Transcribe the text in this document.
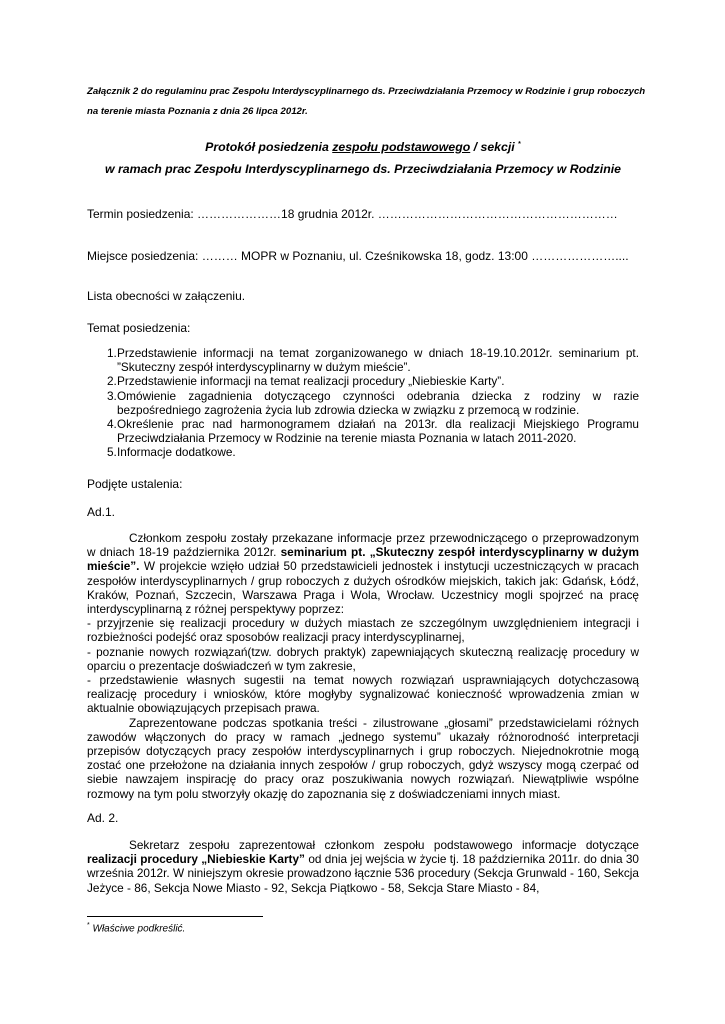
Załącznik 2 do regulaminu prac Zespołu Interdyscyplinarnego ds. Przeciwdziałania Przemocy w Rodzinie i grup roboczych na terenie miasta Poznania z dnia 26 lipca 2012r.
Protokół posiedzenia zespołu podstawowego / sekcji *
w ramach prac Zespołu Interdyscyplinarnego ds. Przeciwdziałania Przemocy w Rodzinie
Termin posiedzenia: …………………18 grudnia 2012r. ……………………………………………………
Miejsce posiedzenia: ……… MOPR w Poznaniu, ul. Cześnikowska 18, godz. 13:00 …………………....
Lista obecności w załączeniu.
Temat posiedzenia:
1. Przedstawienie informacji na temat zorganizowanego w dniach 18-19.10.2012r. seminarium pt. ”Skuteczny zespół interdyscyplinarny w dużym mieście”.
2. Przedstawienie informacji na temat realizacji procedury „Niebieskie Karty”.
3. Omówienie zagadnienia dotyczącego czynności odebrania dziecka z rodziny w razie bezpośredniego zagrożenia życia lub zdrowia dziecka w związku z przemocą w rodzinie.
4. Określenie prac nad harmonogramem działań na 2013r. dla realizacji Miejskiego Programu Przeciwdziałania Przemocy w Rodzinie na terenie miasta Poznania w latach 2011-2020.
5. Informacje dodatkowe.
Podjęte ustalenia:
Ad.1.

Członkom zespołu zostały przekazane informacje przez przewodniczącego o przeprowadzonym w dniach 18-19 października 2012r. seminarium pt. „Skuteczny zespół interdyscyplinarny w dużym mieście”. W projekcie wzięło udział 50 przedstawicieli jednostek i instytucji uczestniczących w pracach zespołów interdyscyplinarnych / grup roboczych z dużych ośrodków miejskich, takich jak: Gdańsk, Łódź, Kraków, Poznań, Szczecin, Warszawa Praga i Wola, Wrocław. Uczestnicy mogli spojrzeć na pracę interdyscyplinarną z różnej perspektywy poprzez:

- przyjrzenie się realizacji procedury w dużych miastach ze szczególnym uwzględnieniem integracji i rozbieżności podejść oraz sposobów realizacji pracy interdyscyplinarnej,

- poznanie nowych rozwiązań(tzw. dobrych praktyk) zapewniających skuteczną realizację procedury w oparciu o prezentacje doświadczeń w tym zakresie,

- przedstawienie własnych sugestii na temat nowych rozwiązań usprawniających dotychczasową realizację procedury i wniosków, które mogłyby sygnalizować konieczność wprowadzenia zmian w aktualnie obowiązujących przepisach prawa.

Zaprezentowane podczas spotkania treści - zilustrowane „głosami” przedstawicielami różnych zawodów włączonych do pracy w ramach „jednego systemu” ukazały różnorodność interpretacji przepisów dotyczących pracy zespołów interdyscyplinarnych i grup roboczych. Niejednokrotnie mogą zostać one przełożone na działania innych zespołów / grup roboczych, gdyż wszyscy mogą czerpać od siebie nawzajem inspirację do pracy oraz poszukiwania nowych rozwiązań. Niewątpliwie wspólne rozmowy na tym polu stworzyły okazję do zapoznania się z doświadczeniami innych miast.

Ad. 2.

Sekretarz zespołu zaprezentował członkom zespołu podstawowego informacje dotyczące realizacji procedury „Niebieskie Karty” od dnia jej wejścia w życie tj. 18 października 2011r. do dnia 30 września 2012r. W niniejszym okresie prowadzono łącznie 536 procedury (Sekcja Grunwald - 160, Sekcja Jeżyce - 86, Sekcja Nowe Miasto - 92, Sekcja Piątkowo - 58, Sekcja Stare Miasto - 84,

* Właściwe podkreślić.
